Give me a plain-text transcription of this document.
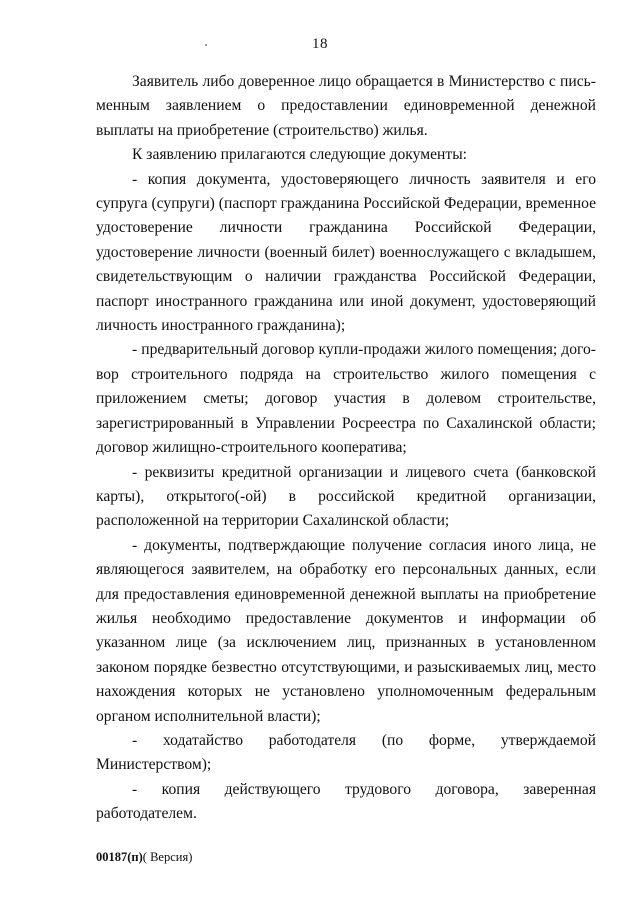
18

Заявитель либо доверенное лицо обращается в Министерство с письменным заявлением о предоставлении единовременной денежной выплаты на приобретение (строительство) жилья.

К заявлению прилагаются следующие документы:

- копия документа, удостоверяющего личность заявителя и его супруга (супруги) (паспорт гражданина Российской Федерации, временное удостоверение личности гражданина Российской Федерации, удостоверение личности (военный билет) военнослужащего с вкладышем, свидетельствующим о наличии гражданства Российской Федерации, паспорт иностранного гражданина или иной документ, удостоверяющий личность иностранного гражданина);

- предварительный договор купли-продажи жилого помещения; договор строительного подряда на строительство жилого помещения с приложением сметы; договор участия в долевом строительстве, зарегистрированный в Управлении Росреестра по Сахалинской области; договор жилищно-строительного кооператива;

- реквизиты кредитной организации и лицевого счета (банковской карты), открытого(-ой) в российской кредитной организации, расположенной на территории Сахалинской области;

- документы, подтверждающие получение согласия иного лица, не являющегося заявителем, на обработку его персональных данных, если для предоставления единовременной денежной выплаты на приобретение жилья необходимо предоставление документов и информации об указанном лице (за исключением лиц, признанных в установленном законом порядке безвестно отсутствующими, и разыскиваемых лиц, место нахождения которых не установлено уполномоченным федеральным органом исполнительной власти);

- ходатайство работодателя (по форме, утверждаемой Министерством);

- копия действующего трудового договора, заверенная работодателем.

00187(п)( Версия)
